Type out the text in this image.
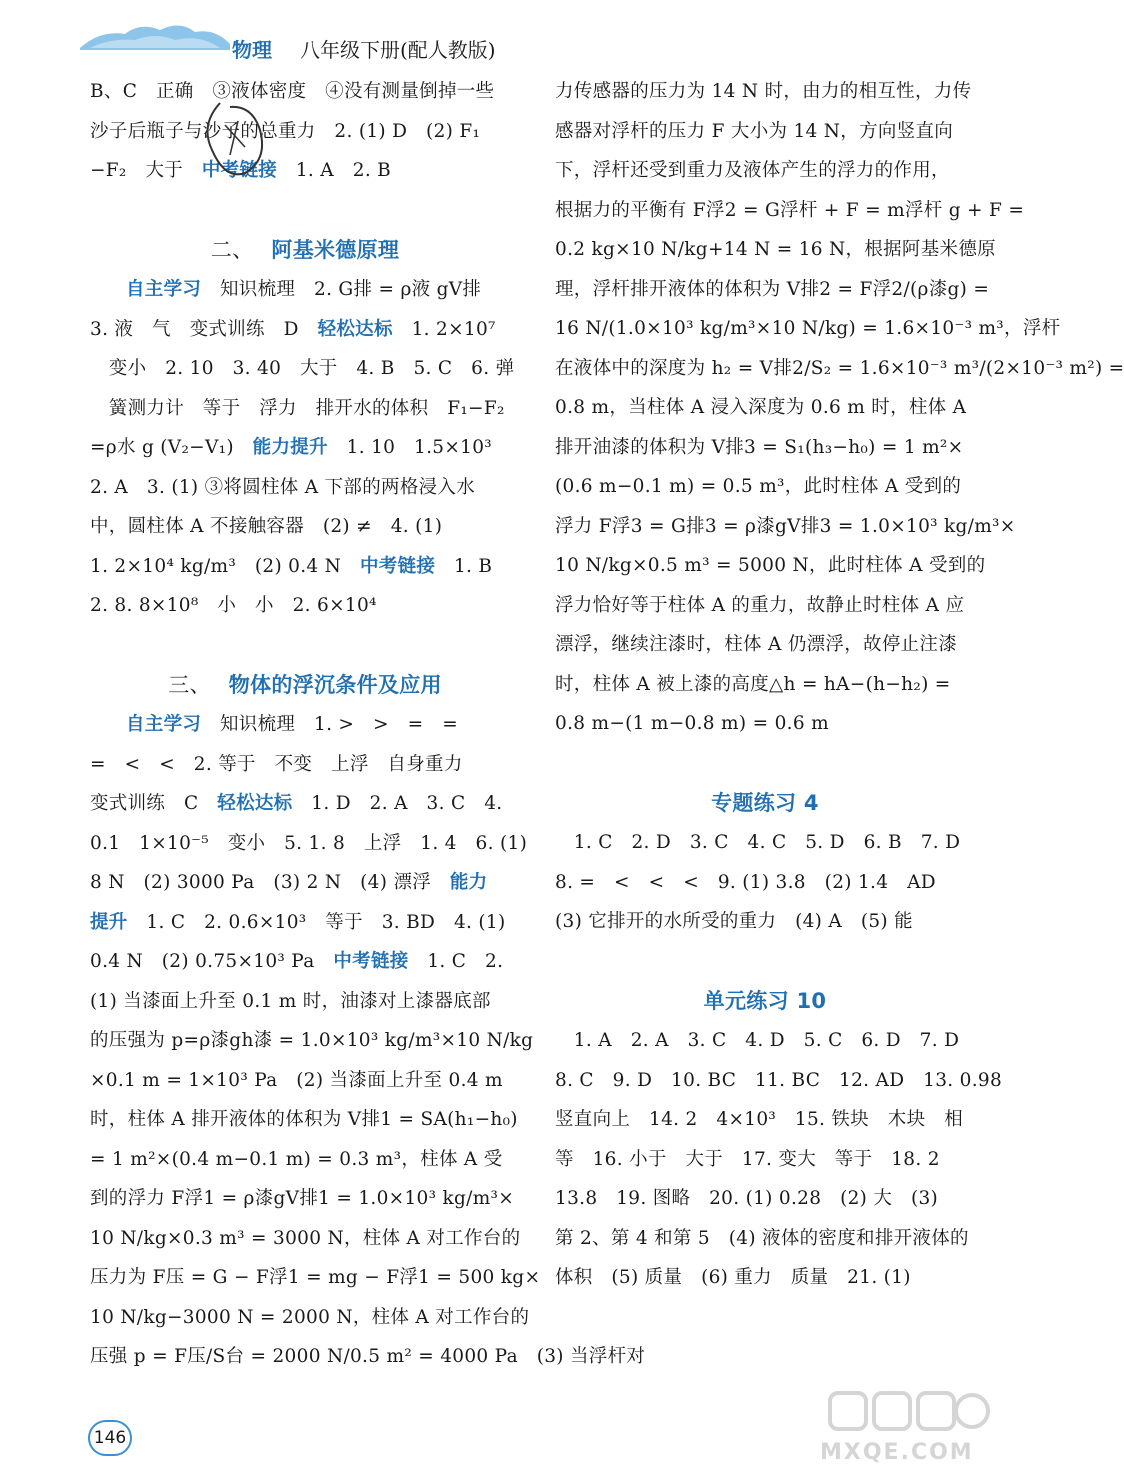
物理 八年级下册(配人教版)

B、C　正确　③液体密度　④没有测量倒掉一些

沙子后瓶子与沙子的总重力　2. (1) D　(2) F₁

−F₂　大于　中考链接　1. A　2. B

二、 阿基米德原理

自主学习　知识梳理　2. G排 = ρ液 gV排

3. 液　气　变式训练　D　轻松达标　1. 2×10⁷

　变小　2. 10　3. 40　大于　4. B　5. C　6. 弹

　簧测力计　等于　浮力　排开水的体积　F₁−F₂

=ρ水 g (V₂−V₁)　能力提升　1. 10　1.5×10³

2. A　3. (1) ③将圆柱体 A 下部的两格浸入水

中，圆柱体 A 不接触容器　(2) ≠　4. (1)

1. 2×10⁴ kg/m³　(2) 0.4 N　中考链接　1. B

2. 8. 8×10⁸　小　小　2. 6×10⁴

三、 物体的浮沉条件及应用

自主学习　知识梳理　1. >　>　=　=

=　<　<　2. 等于　不变　上浮　自身重力

变式训练　C　轻松达标　1. D　2. A　3. C　4.

0.1　1×10⁻⁵　变小　5. 1. 8　上浮　1. 4　6. (1)

8 N　(2) 3000 Pa　(3) 2 N　(4) 漂浮　能力

提升　1. C　2. 0.6×10³　等于　3. BD　4. (1)

0.4 N　(2) 0.75×10³ Pa　中考链接　1. C　2.

(1) 当漆面上升至 0.1 m 时，油漆对上漆器底部

的压强为 p=ρ漆gh漆 = 1.0×10³ kg/m³×10 N/kg

×0.1 m = 1×10³ Pa　(2) 当漆面上升至 0.4 m

时，柱体 A 排开液体的体积为 V排1 = SA(h₁−h₀)

= 1 m²×(0.4 m−0.1 m) = 0.3 m³，柱体 A 受

到的浮力 F浮1 = ρ漆gV排1 = 1.0×10³ kg/m³×

10 N/kg×0.3 m³ = 3000 N，柱体 A 对工作台的

压力为 F压 = G − F浮1 = mg − F浮1 = 500 kg×

10 N/kg−3000 N = 2000 N，柱体 A 对工作台的

压强 p = F压/S台 = 2000 N/0.5 m² = 4000 Pa　(3) 当浮杆对

力传感器的压力为 14 N 时，由力的相互性，力传

感器对浮杆的压力 F 大小为 14 N，方向竖直向

下，浮杆还受到重力及液体产生的浮力的作用，

根据力的平衡有 F浮2 = G浮杆 + F = m浮杆 g + F =

0.2 kg×10 N/kg+14 N = 16 N，根据阿基米德原

理，浮杆排开液体的体积为 V排2 = F浮2/(ρ漆g) =

16 N/(1.0×10³ kg/m³×10 N/kg) = 1.6×10⁻³ m³，浮杆

在液体中的深度为 h₂ = V排2/S₂ = 1.6×10⁻³ m³/(2×10⁻³ m²) =

0.8 m，当柱体 A 浸入深度为 0.6 m 时，柱体 A

排开油漆的体积为 V排3 = S₁(h₃−h₀) = 1 m²×

(0.6 m−0.1 m) = 0.5 m³，此时柱体 A 受到的

浮力 F浮3 = G排3 = ρ漆gV排3 = 1.0×10³ kg/m³×

10 N/kg×0.5 m³ = 5000 N，此时柱体 A 受到的

浮力恰好等于柱体 A 的重力，故静止时柱体 A 应

漂浮，继续注漆时，柱体 A 仍漂浮，故停止注漆

时，柱体 A 被上漆的高度△h = hA−(h−h₂) =

0.8 m−(1 m−0.8 m) = 0.6 m

专题练习 4

　1. C　2. D　3. C　4. C　5. D　6. B　7. D

8. =　<　<　<　9. (1) 3.8　(2) 1.4　AD

(3) 它排开的水所受的重力　(4) A　(5) 能

单元练习 10

　1. A　2. A　3. C　4. D　5. C　6. D　7. D

8. C　9. D　10. BC　11. BC　12. AD　13. 0.98

竖直向上　14. 2　4×10³　15. 铁块　木块　相

等　16. 小于　大于　17. 变大　等于　18. 2

13.8　19. 图略　20. (1) 0.28　(2) 大　(3)

第 2、第 4 和第 5　(4) 液体的密度和排开液体的

体积　(5) 质量　(6) 重力　质量　21. (1)

146
MXQE.COM
